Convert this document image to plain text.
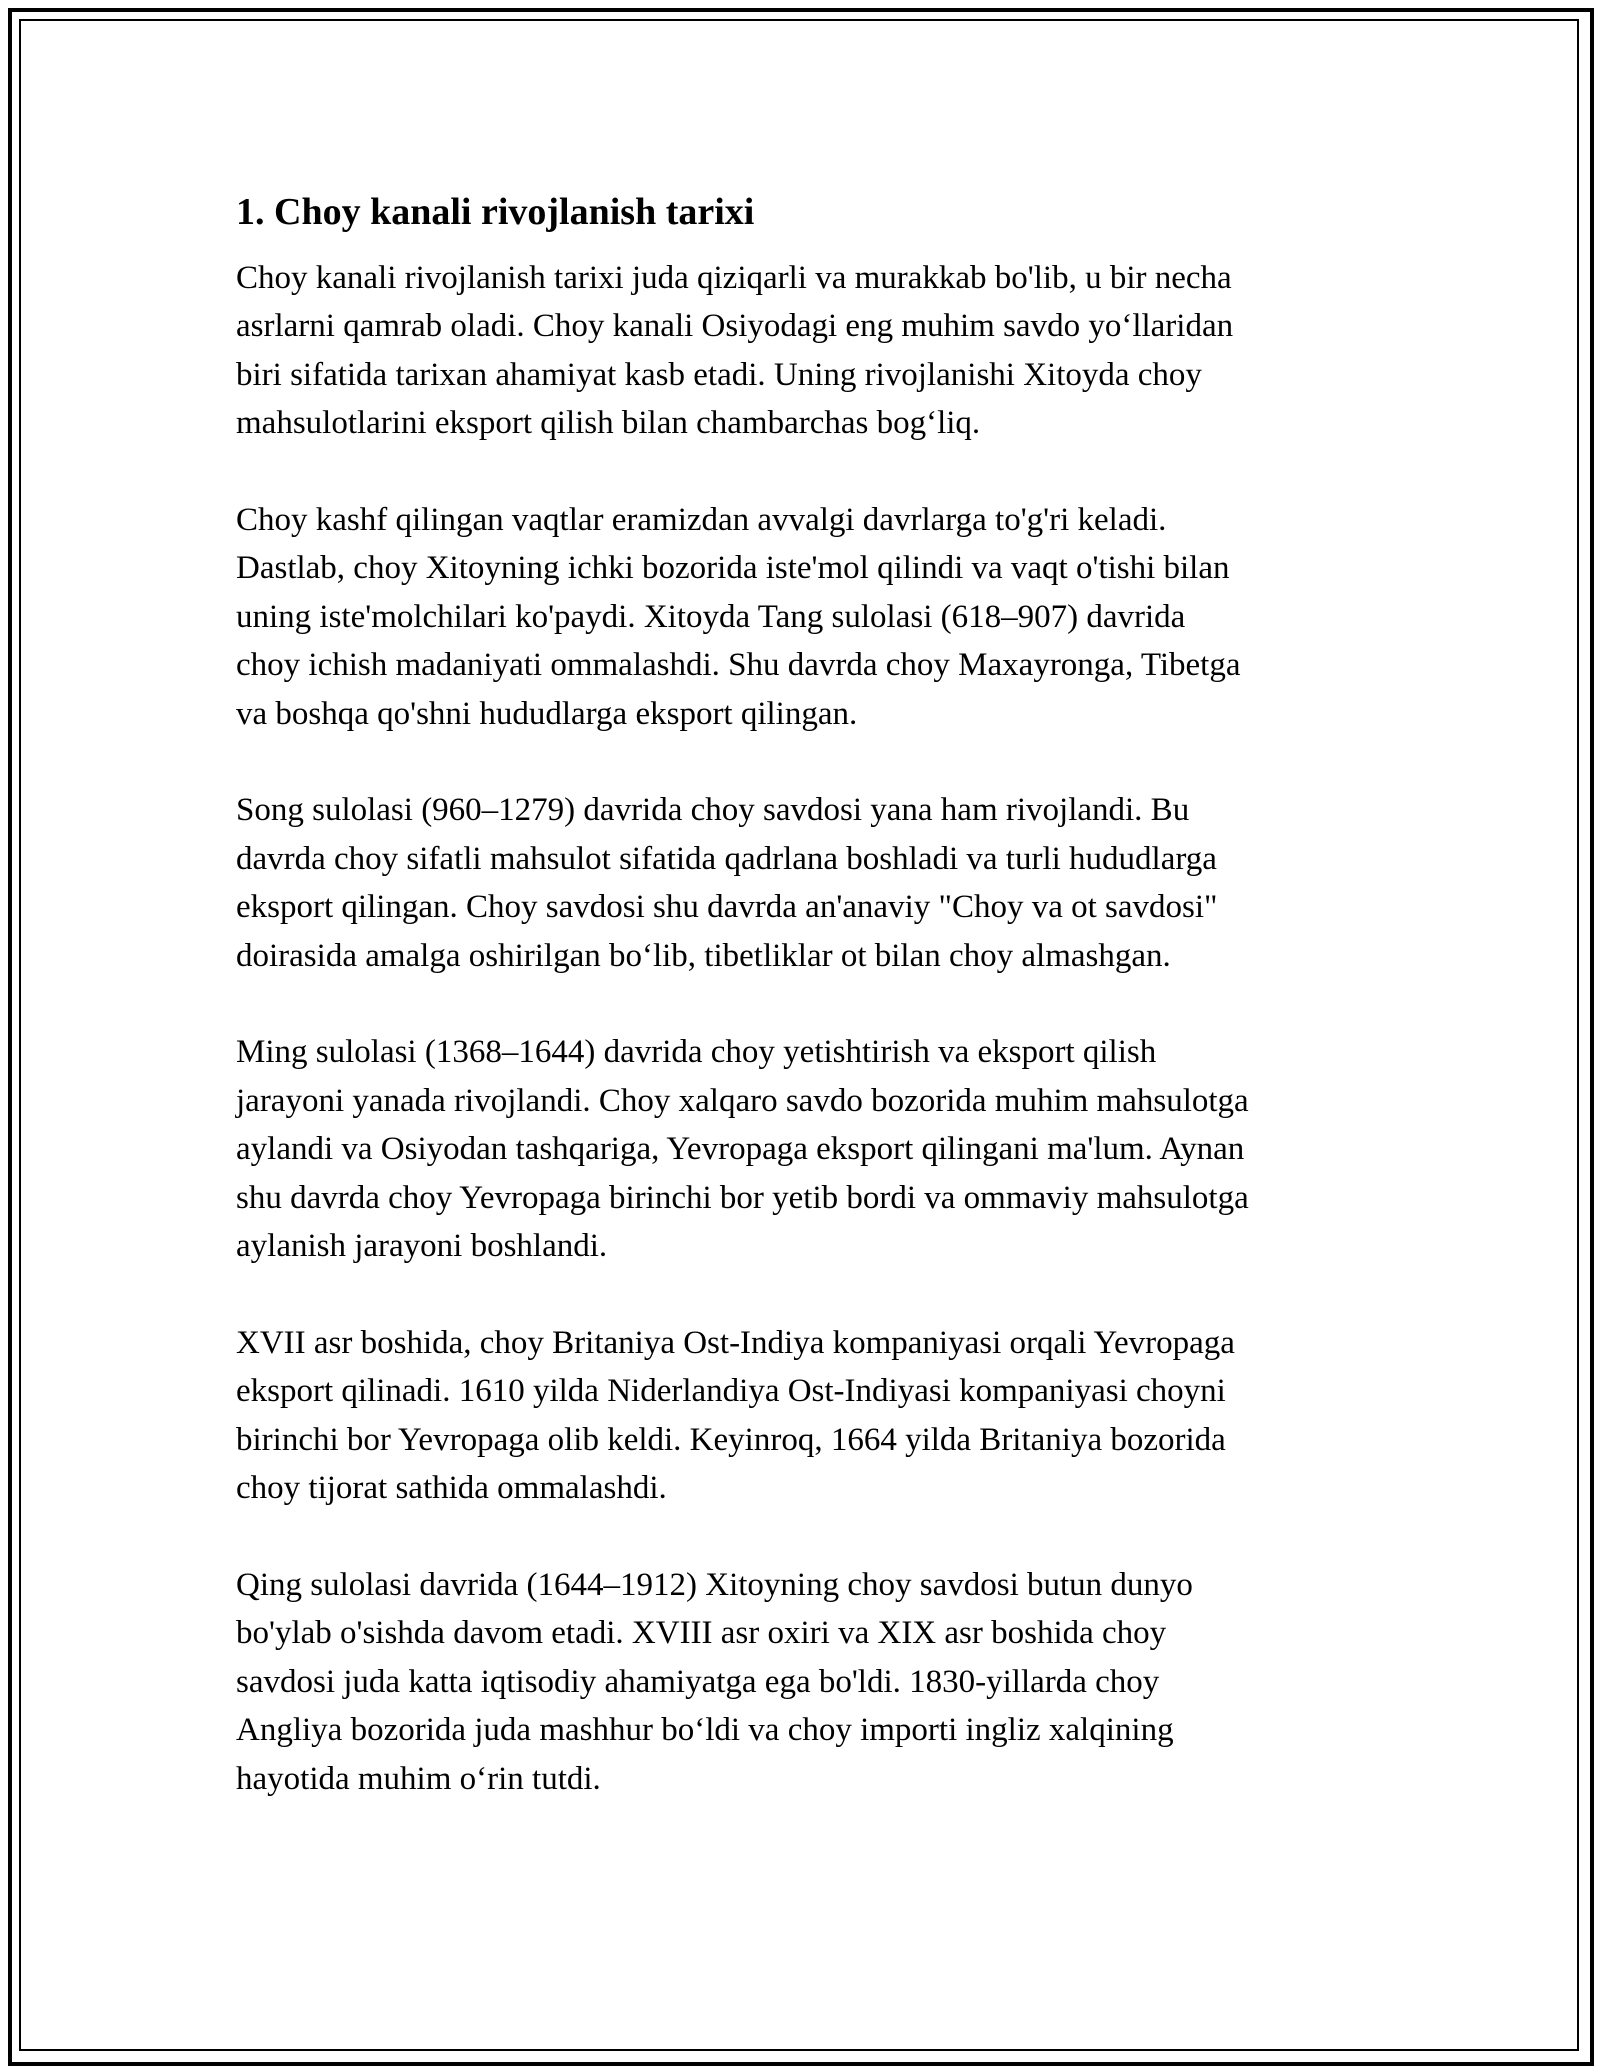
1. Choy kanali rivojlanish tarixi
Choy kanali rivojlanish tarixi juda qiziqarli va murakkab bo'lib, u bir necha
asrlarni qamrab oladi. Choy kanali Osiyodagi eng muhim savdo yo‘llaridan
biri sifatida tarixan ahamiyat kasb etadi. Uning rivojlanishi Xitoyda choy
mahsulotlarini eksport qilish bilan chambarchas bog‘liq.
Choy kashf qilingan vaqtlar eramizdan avvalgi davrlarga to'g'ri keladi.
Dastlab, choy Xitoyning ichki bozorida iste'mol qilindi va vaqt o'tishi bilan
uning iste'molchilari ko'paydi. Xitoyda Tang sulolasi (618–907) davrida
choy ichish madaniyati ommalashdi. Shu davrda choy Maxayronga, Tibetga
va boshqa qo'shni hududlarga eksport qilingan.
Song sulolasi (960–1279) davrida choy savdosi yana ham rivojlandi. Bu
davrda choy sifatli mahsulot sifatida qadrlana boshladi va turli hududlarga
eksport qilingan. Choy savdosi shu davrda an'anaviy "Choy va ot savdosi"
doirasida amalga oshirilgan bo‘lib, tibetliklar ot bilan choy almashgan.
Ming sulolasi (1368–1644) davrida choy yetishtirish va eksport qilish
jarayoni yanada rivojlandi. Choy xalqaro savdo bozorida muhim mahsulotga
aylandi va Osiyodan tashqariga, Yevropaga eksport qilingani ma'lum. Aynan
shu davrda choy Yevropaga birinchi bor yetib bordi va ommaviy mahsulotga
aylanish jarayoni boshlandi.
XVII asr boshida, choy Britaniya Ost-Indiya kompaniyasi orqali Yevropaga
eksport qilinadi. 1610 yilda Niderlandiya Ost-Indiyasi kompaniyasi choyni
birinchi bor Yevropaga olib keldi. Keyinroq, 1664 yilda Britaniya bozorida
choy tijorat sathida ommalashdi.
Qing sulolasi davrida (1644–1912) Xitoyning choy savdosi butun dunyo
bo'ylab o'sishda davom etadi. XVIII asr oxiri va XIX asr boshida choy
savdosi juda katta iqtisodiy ahamiyatga ega bo'ldi. 1830-yillarda choy
Angliya bozorida juda mashhur bo‘ldi va choy importi ingliz xalqining
hayotida muhim o‘rin tutdi.
